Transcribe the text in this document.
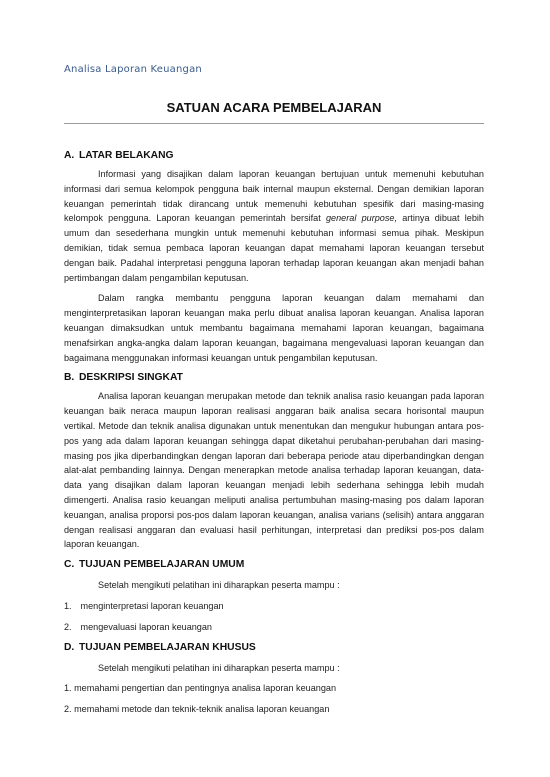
Analisa Laporan Keuangan
SATUAN ACARA PEMBELAJARAN
A. LATAR BELAKANG

Informasi yang disajikan dalam laporan keuangan bertujuan untuk memenuhi kebutuhan informasi dari semua kelompok pengguna baik internal maupun eksternal. Dengan demikian laporan keuangan pemerintah tidak dirancang untuk memenuhi kebutuhan spesifik dari masing-masing kelompok pengguna. Laporan keuangan pemerintah bersifat general purpose, artinya dibuat lebih umum dan sesederhana mungkin untuk memenuhi kebutuhan informasi semua pihak. Meskipun demikian, tidak semua pembaca laporan keuangan dapat memahami laporan keuangan tersebut dengan baik. Padahal interpretasi pengguna laporan terhadap laporan keuangan akan menjadi bahan pertimbangan dalam pengambilan keputusan.

Dalam rangka membantu pengguna laporan keuangan dalam memahami dan menginterpretasikan laporan keuangan maka perlu dibuat analisa laporan keuangan. Analisa laporan keuangan dimaksudkan untuk membantu bagaimana memahami laporan keuangan, bagaimana menafsirkan angka-angka dalam laporan keuangan, bagaimana mengevaluasi laporan keuangan dan bagaimana menggunakan informasi keuangan untuk pengambilan keputusan.

B. DESKRIPSI SINGKAT

Analisa laporan keuangan merupakan metode dan teknik analisa rasio keuangan pada laporan keuangan baik neraca maupun laporan realisasi anggaran baik analisa secara horisontal maupun vertikal. Metode dan teknik analisa digunakan untuk menentukan dan mengukur hubungan antara pos-pos yang ada dalam laporan keuangan sehingga dapat diketahui perubahan-perubahan dari masing-masing pos jika diperbandingkan dengan laporan dari beberapa periode atau diperbandingkan dengan alat-alat pembanding lainnya. Dengan menerapkan metode analisa terhadap laporan keuangan, data-data yang disajikan dalam laporan keuangan menjadi lebih sederhana sehingga lebih mudah dimengerti. Analisa rasio keuangan meliputi analisa pertumbuhan masing-masing pos dalam laporan keuangan, analisa proporsi pos-pos dalam laporan keuangan, analisa varians (selisih) antara anggaran dengan realisasi anggaran dan evaluasi hasil perhitungan, interpretasi dan prediksi pos-pos dalam laporan keuangan.

C. TUJUAN PEMBELAJARAN UMUM

Setelah mengikuti pelatihan ini diharapkan peserta mampu :

1. menginterpretasi laporan keuangan

2. mengevaluasi laporan keuangan

D. TUJUAN PEMBELAJARAN KHUSUS

Setelah mengikuti pelatihan ini diharapkan peserta mampu :

1. memahami pengertian dan pentingnya analisa laporan keuangan

2. memahami metode dan teknik-teknik analisa laporan keuangan
